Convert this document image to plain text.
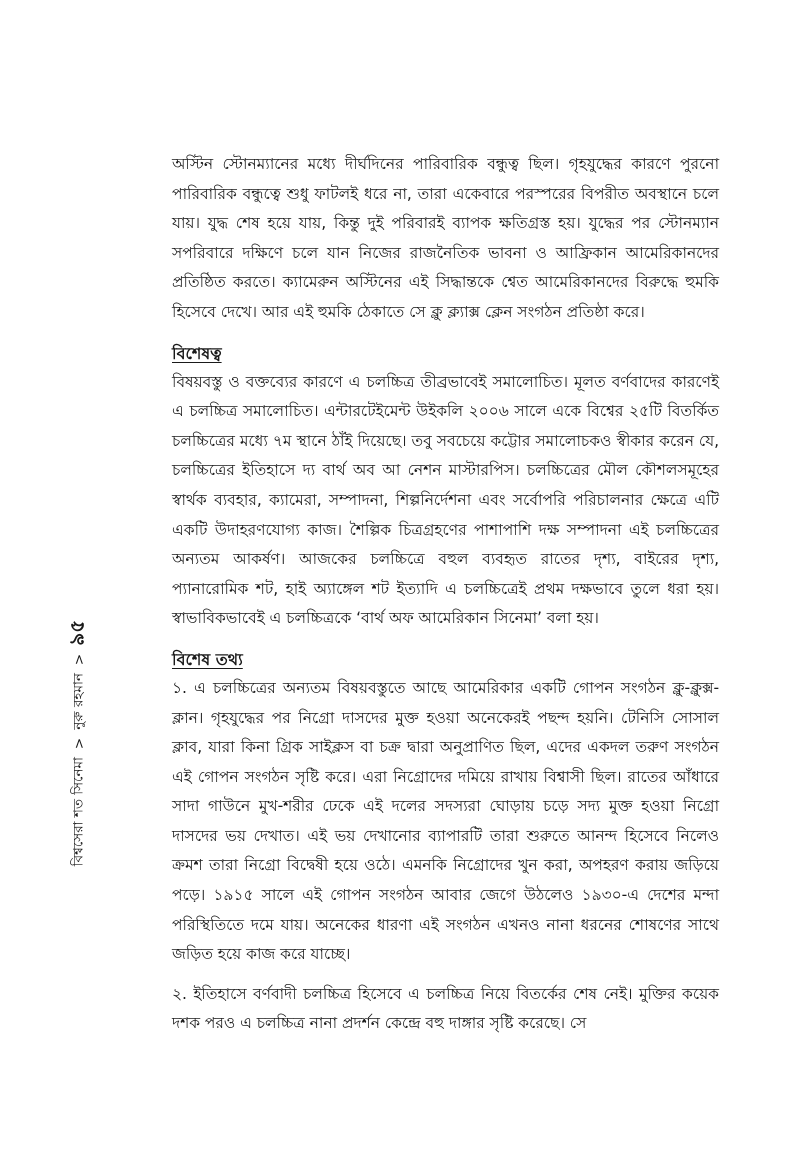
বিশ্বসেরা শত সিনেমা
>
নুরু রহমান
>
৯৫

অস্টিন স্টোনম্যানের মধ্যে দীর্ঘদিনের পারিবারিক বন্ধুত্ব ছিল। গৃহযুদ্ধের কারণে পুরনো পারিবারিক বন্ধুত্বে শুধু ফাটলই ধরে না, তারা একেবারে পরস্পরের বিপরীত অবস্থানে চলে যায়। যুদ্ধ শেষ হয়ে যায়, কিন্তু দুই পরিবারই ব্যাপক ক্ষতিগ্রস্ত হয়। যুদ্ধের পর স্টোনম্যান সপরিবারে দক্ষিণে চলে যান নিজের রাজনৈতিক ভাবনা ও আফ্রিকান আমেরিকানদের প্রতিষ্ঠিত করতে। ক্যামেরুন অস্টিনের এই সিদ্ধান্তকে শ্বেত আমেরিকানদের বিরুদ্ধে হুমকি হিসেবে দেখে। আর এই হুমকি ঠেকাতে সে ক্লু ক্ল্যাক্স ক্লেন সংগঠন প্রতিষ্ঠা করে।

বিশেষত্ব

বিষয়বস্তু ও বক্তব্যের কারণে এ চলচ্চিত্র তীব্রভাবেই সমালোচিত। মূলত বর্ণবাদের কারণেই এ চলচ্চিত্র সমালোচিত। এন্টারটেইমেন্ট উইকলি ২০০৬ সালে একে বিশ্বের ২৫টি বিতর্কিত চলচ্চিত্রের মধ্যে ৭ম স্থানে ঠাঁই দিয়েছে। তবু সবচেয়ে কট্টোর সমালোচকও স্বীকার করেন যে, চলচ্চিত্রের ইতিহাসে দ্য বার্থ অব আ নেশন মাস্টারপিস। চলচ্চিত্রের মৌল কৌশলসমূহের স্বার্থক ব্যবহার, ক্যামেরা, সম্পাদনা, শিল্পনির্দেশনা এবং সর্বোপরি পরিচালনার ক্ষেত্রে এটি একটি উদাহরণযোগ্য কাজ। শৈল্পিক চিত্রগ্রহণের পাশাপাশি দক্ষ সম্পাদনা এই চলচ্চিত্রের অন্যতম আকর্ষণ। আজকের চলচ্চিত্রে বহুল ব্যবহৃত রাতের দৃশ্য, বাইরের দৃশ্য, প্যানারোমিক শট, হাই অ্যাঙ্গেল শট ইত্যাদি এ চলচ্চিত্রেই প্রথম দক্ষভাবে তুলে ধরা হয়। স্বাভাবিকভাবেই এ চলচ্চিত্রকে ‘বার্থ অফ আমেরিকান সিনেমা’ বলা হয়।

বিশেষ তথ্য

১. এ চলচ্চিত্রের অন্যতম বিষয়বস্তুতে আছে আমেরিকার একটি গোপন সংগঠন ক্লু-ক্লুক্স-ক্লান। গৃহযুদ্ধের পর নিগ্রো দাসদের মুক্ত হওয়া অনেকেরই পছন্দ হয়নি। টেনিসি সোসাল ক্লাব, যারা কিনা গ্রিক সাইক্লস বা চক্র দ্বারা অনুপ্রাণিত ছিল, এদের একদল তরুণ সংগঠন এই গোপন সংগঠন সৃষ্টি করে। এরা নিগ্রোদের দমিয়ে রাখায় বিশ্বাসী ছিল। রাতের আঁধারে সাদা গাউনে মুখ-শরীর ঢেকে এই দলের সদস্যরা ঘোড়ায় চড়ে সদ্য মুক্ত হওয়া নিগ্রো দাসদের ভয় দেখাত। এই ভয় দেখানোর ব্যাপারটি তারা শুরুতে আনন্দ হিসেবে নিলেও ক্রমশ তারা নিগ্রো বিদ্বেষী হয়ে ওঠে। এমনকি নিগ্রোদের খুন করা, অপহরণ করায় জড়িয়ে পড়ে। ১৯১৫ সালে এই গোপন সংগঠন আবার জেগে উঠলেও ১৯৩০-এ দেশের মন্দা পরিস্থিতিতে দমে যায়। অনেকের ধারণা এই সংগঠন এখনও নানা ধরনের শোষণের সাথে জড়িত হয়ে কাজ করে যাচ্ছে।

২. ইতিহাসে বর্ণবাদী চলচ্চিত্র হিসেবে এ চলচ্চিত্র নিয়ে বিতর্কের শেষ নেই। মুক্তির কয়েক দশক পরও এ চলচ্চিত্র নানা প্রদর্শন কেন্দ্রে বহু দাঙ্গার সৃষ্টি করেছে। সে
